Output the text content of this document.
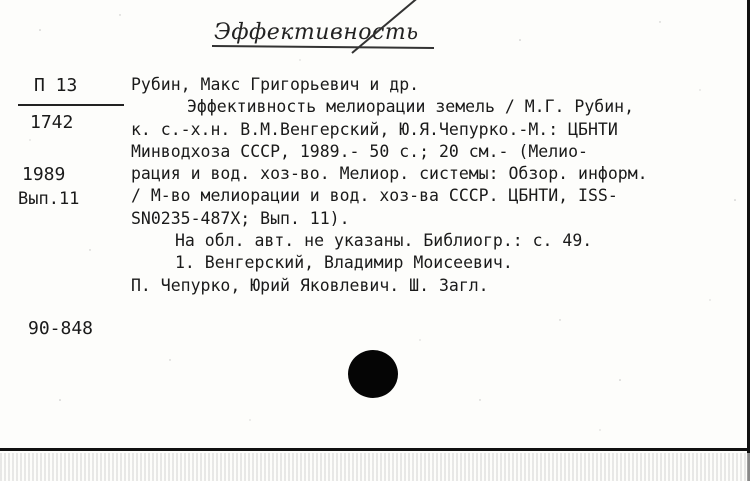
Эффективность
П 13
1742
1989
Вып.11
90-848
Рубин, Макс Григорьевич и др.
Эффективность мелиорации земель / М.Г. Рубин,
к. с.-х.н. В.М.Венгерский, Ю.Я.Чепурко.-М.: ЦБНТИ
Минводхоза СССР, 1989.- 50 с.; 20 см.- (Мелио-
рация и вод. хоз-во. Мелиор. системы: Обзор. информ.
/ М-во мелиорации и вод. хоз-ва СССР. ЦБНТИ, ISS-
SN0235-487X; Вып. 11).
На обл. авт. не указаны. Библиогр.: с. 49.
1. Венгерский, Владимир Моисеевич.
П. Чепурко, Юрий Яковлевич. Ш. Загл.
